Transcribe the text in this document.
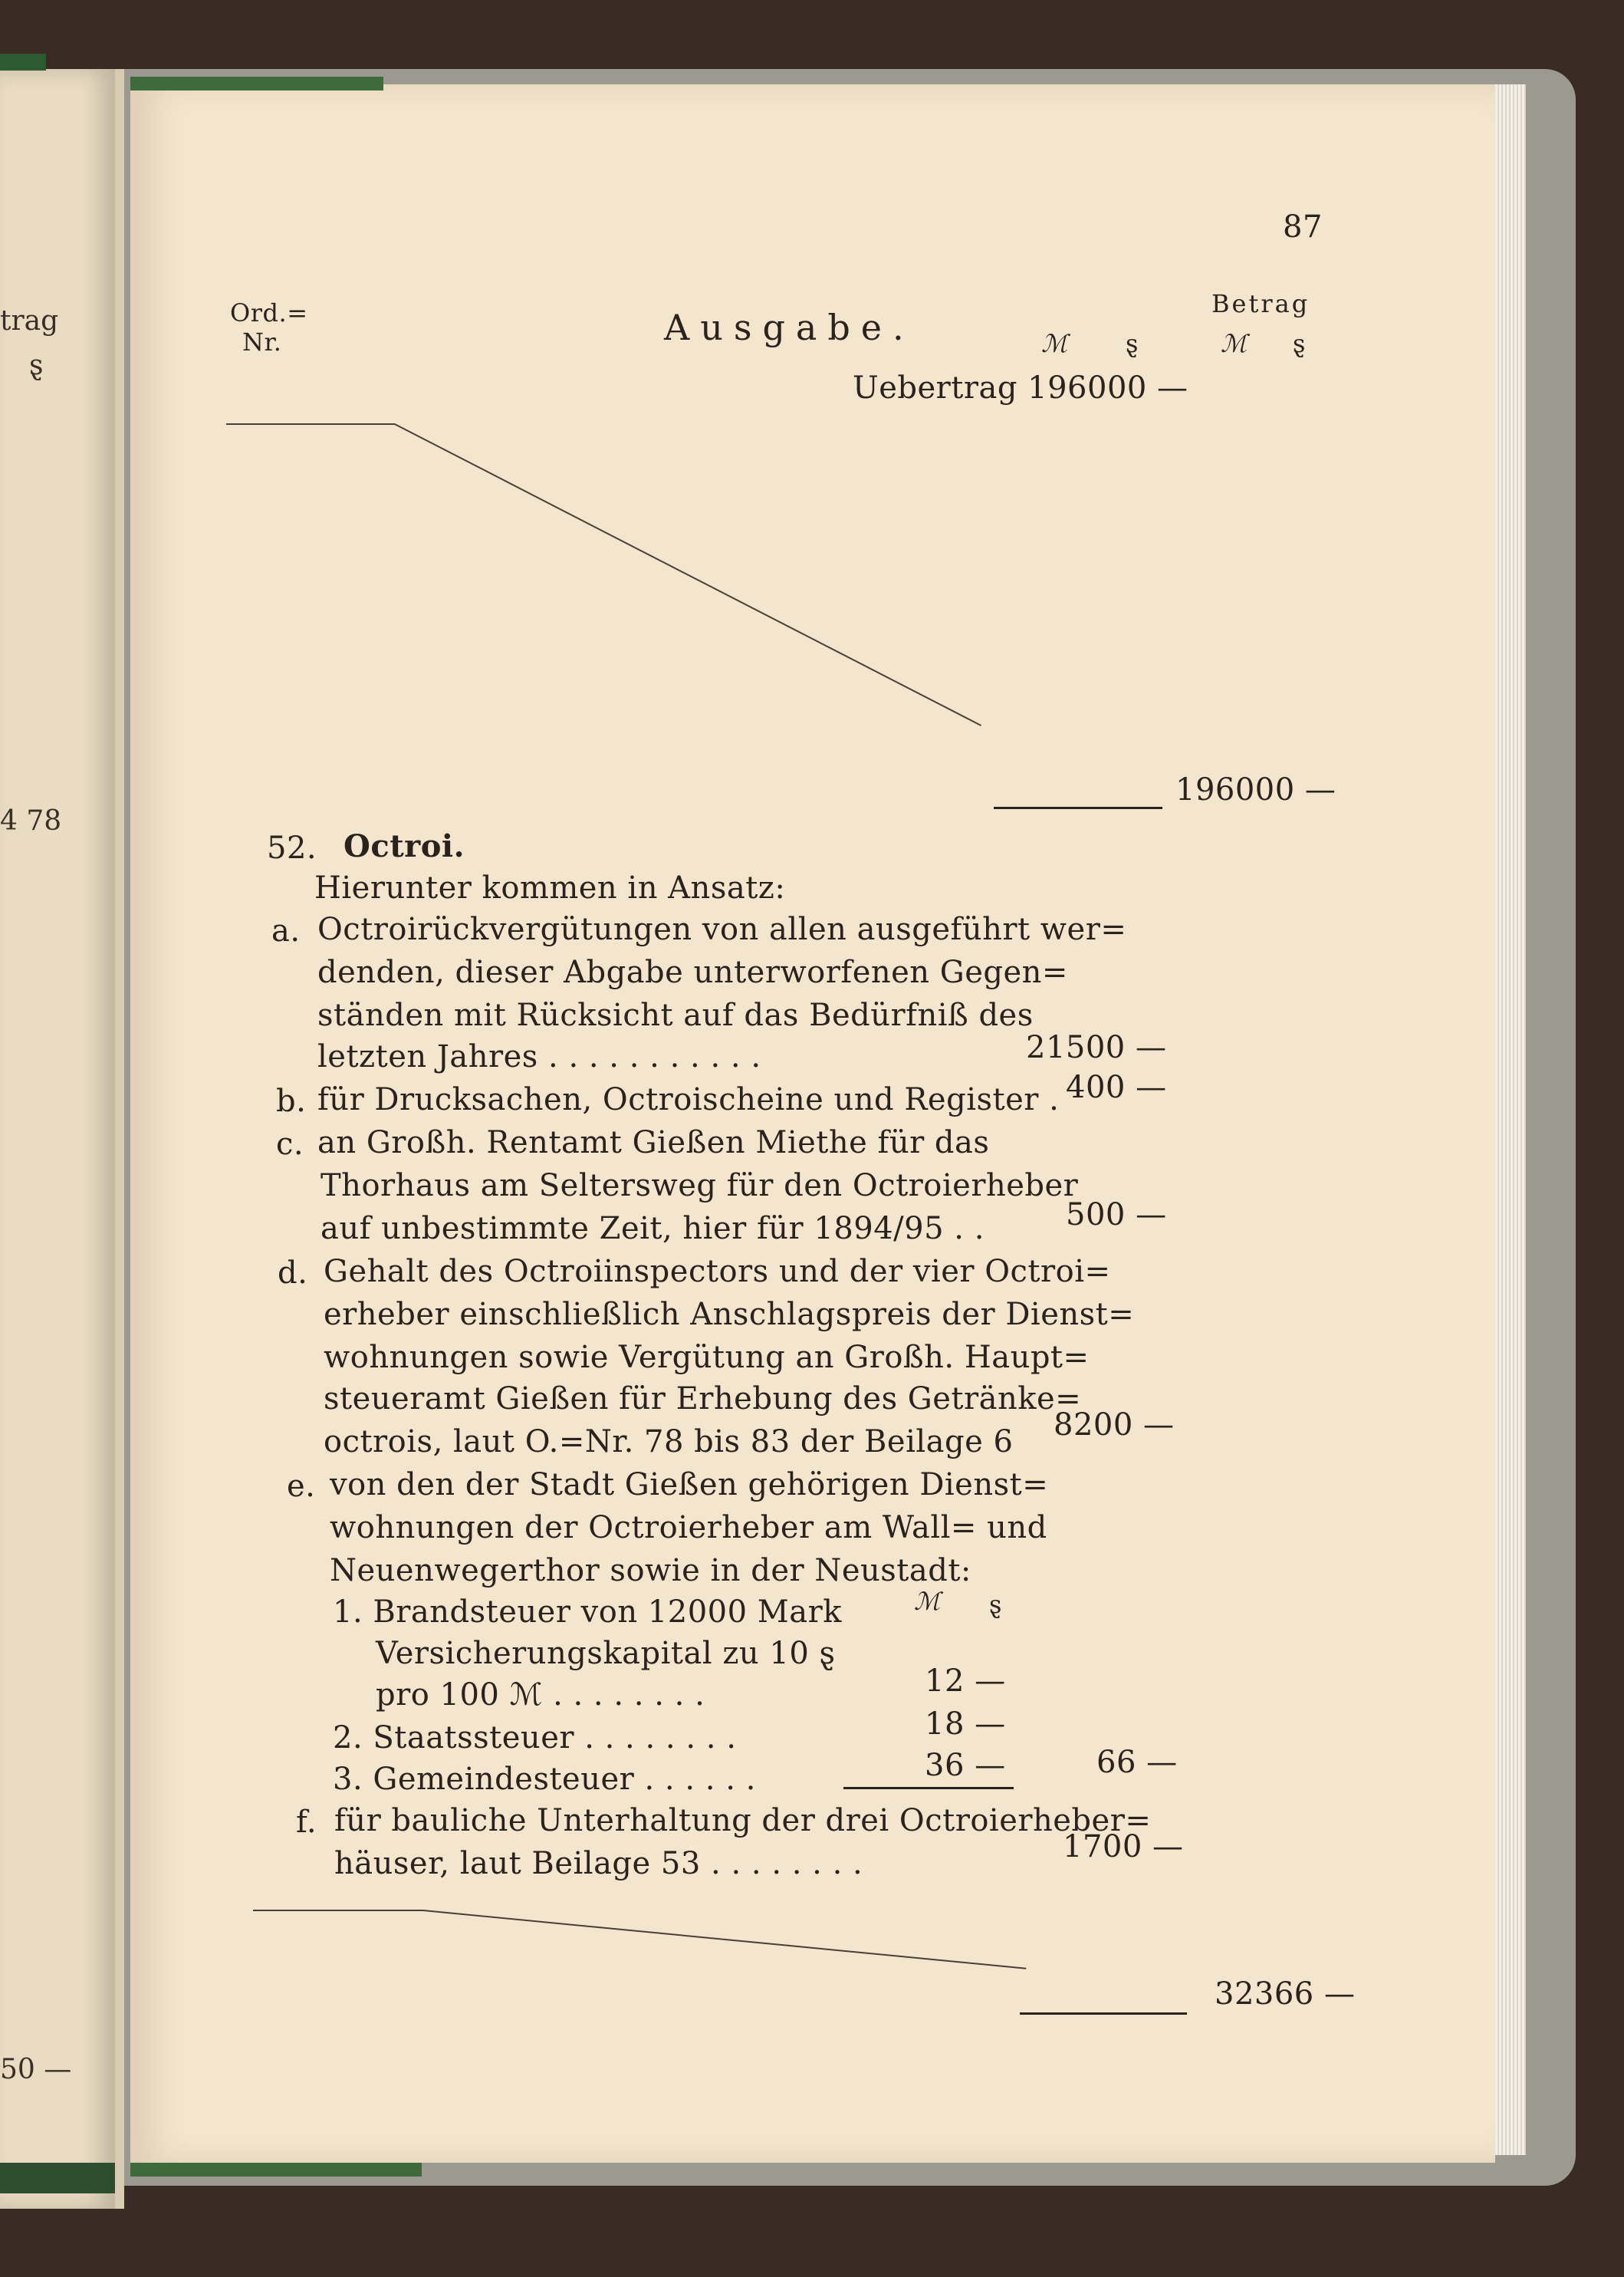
trag
ȿ
4 78
50 —
87
Ord.=
Nr.	Ausgabe.
Betrag
ℳ ȿ	ℳ ȿ
Uebertrag 196000 —
196000 —
52. Octroi.
Hierunter kommen in Ansatz:
a. Octroirückvergütungen von allen ausgeführt wer=
denden, dieser Abgabe unterworfenen Gegen=
ständen mit Rücksicht auf das Bedürfniß des
letzten Jahres . . . . . . . . . . .	21500 —
b. für Drucksachen, Octroischeine und Register . 400 —
c. an Großh. Rentamt Gießen Miethe für das
Thorhaus am Seltersweg für den Octroierheber
auf unbestimmte Zeit, hier für 1894/95 . .	500 —
d. Gehalt des Octroiinspectors und der vier Octroi=
erheber einschließlich Anschlagspreis der Dienst=
wohnungen sowie Vergütung an Großh. Haupt=
steueramt Gießen für Erhebung des Getränke=
octrois, laut O.=Nr. 78 bis 83 der Beilage 6 8200 —
e. von den der Stadt Gießen gehörigen Dienst=
wohnungen der Octroierheber am Wall= und
Neuenwegerthor sowie in der Neustadt:
ℳ ȿ
1. Brandsteuer von 12000 Mark
Versicherungskapital zu 10 ȿ
pro 100 ℳ . . . . . . . .	12 —
2. Staatssteuer . . . . . . . .	18 —
3. Gemeindesteuer . . . . . .	36 —	66 —
f. für bauliche Unterhaltung der drei Octroierheber=
häuser, laut Beilage 53 . . . . . . . .	1700 —
32366 —
